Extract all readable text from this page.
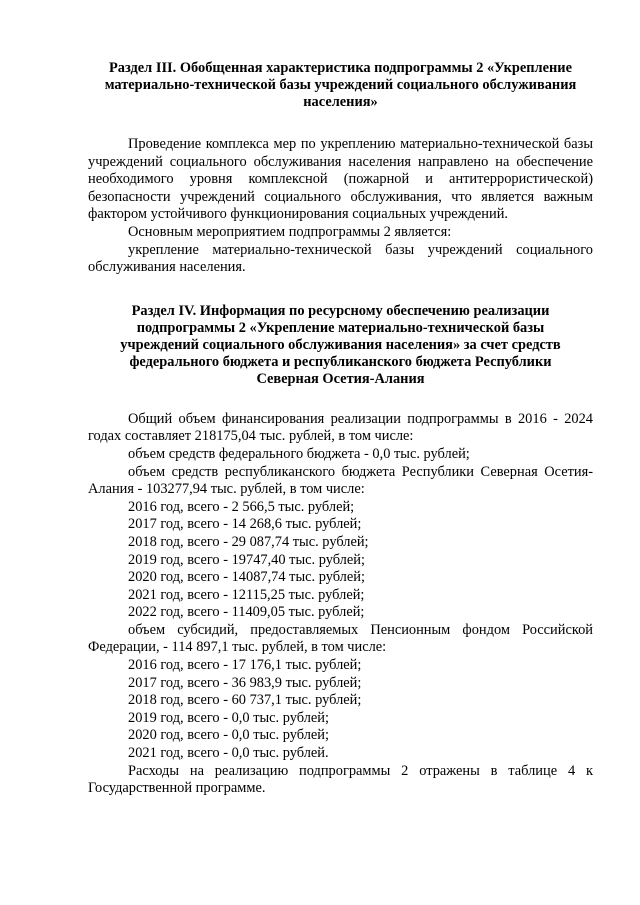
Раздел III. Обобщенная характеристика подпрограммы 2 «Укрепление
материально-технической базы учреждений социального обслуживания
населения»

Проведение комплекса мер по укреплению материально-технической базы учреждений социального обслуживания населения направлено на обеспечение необходимого уровня комплексной (пожарной и антитеррористической) безопасности учреждений социального обслуживания, что является важным фактором устойчивого функционирования социальных учреждений.

Основным мероприятием подпрограммы 2 является:

укрепление материально-технической базы учреждений социального обслуживания населения.

Раздел IV. Информация по ресурсному обеспечению реализации
подпрограммы 2 «Укрепление материально-технической базы
учреждений социального обслуживания населения» за счет средств
федерального бюджета и республиканского бюджета Республики
Северная Осетия-Алания

Общий объем финансирования реализации подпрограммы в 2016 - 2024 годах составляет 218175,04 тыс. рублей, в том числе:

объем средств федерального бюджета - 0,0 тыс. рублей;

объем средств республиканского бюджета Республики Северная Осетия-Алания - 103277,94 тыс. рублей, в том числе:

2016 год, всего - 2 566,5 тыс. рублей;

2017 год, всего - 14 268,6 тыс. рублей;

2018 год, всего - 29 087,74 тыс. рублей;

2019 год, всего - 19747,40 тыс. рублей;

2020 год, всего - 14087,74 тыс. рублей;

2021 год, всего - 12115,25 тыс. рублей;

2022 год, всего - 11409,05 тыс. рублей;

объем субсидий, предоставляемых Пенсионным фондом Российской Федерации, - 114 897,1 тыс. рублей, в том числе:

2016 год, всего - 17 176,1 тыс. рублей;

2017 год, всего - 36 983,9 тыс. рублей;

2018 год, всего - 60 737,1 тыс. рублей;

2019 год, всего - 0,0 тыс. рублей;

2020 год, всего - 0,0 тыс. рублей;

2021 год, всего - 0,0 тыс. рублей.

Расходы на реализацию подпрограммы 2 отражены в таблице 4 к Государственной программе.
